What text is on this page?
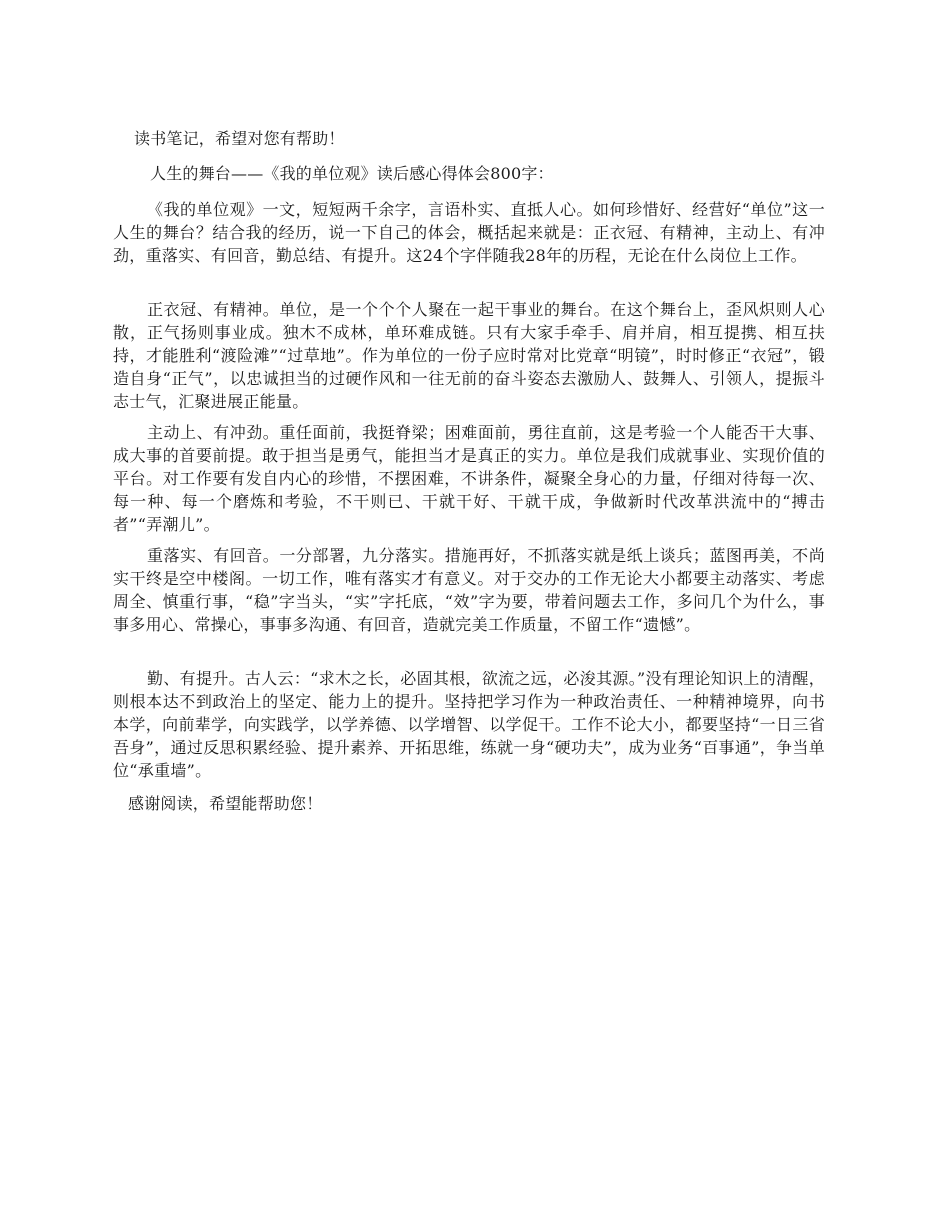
读书笔记，希望对您有帮助！
人生的舞台——《我的单位观》读后感心得体会800字：

《我的单位观》一文，短短两千余字，言语朴实、直抵人心。如何珍惜好、经营好“单位”这一人生的舞台？结合我的经历，说一下自己的体会，概括起来就是：正衣冠、有精神，主动上、有冲劲，重落实、有回音，勤总结、有提升。这24个字伴随我28年的历程，无论在什么岗位上工作。

正衣冠、有精神。单位，是一个个个人聚在一起干事业的舞台。在这个舞台上，歪风炽则人心散，正气扬则事业成。独木不成林，单环难成链。只有大家手牵手、肩并肩，相互提携、相互扶持，才能胜利“渡险滩”“过草地”。作为单位的一份子应时常对比党章“明镜”，时时修正“衣冠”，锻造自身“正气”，以忠诚担当的过硬作风和一往无前的奋斗姿态去激励人、鼓舞人、引领人，提振斗志士气，汇聚进展正能量。

主动上、有冲劲。重任面前，我挺脊梁；困难面前，勇往直前，这是考验一个人能否干大事、成大事的首要前提。敢于担当是勇气，能担当才是真正的实力。单位是我们成就事业、实现价值的平台。对工作要有发自内心的珍惜，不摆困难，不讲条件，凝聚全身心的力量，仔细对待每一次、每一种、每一个磨炼和考验，不干则已、干就干好、干就干成，争做新时代改革洪流中的“搏击者”“弄潮儿”。

重落实、有回音。一分部署，九分落实。措施再好，不抓落实就是纸上谈兵；蓝图再美，不尚实干终是空中楼阁。一切工作，唯有落实才有意义。对于交办的工作无论大小都要主动落实、考虑周全、慎重行事，“稳”字当头，“实”字托底，“效”字为要，带着问题去工作，多问几个为什么，事事多用心、常操心，事事多沟通、有回音，造就完美工作质量，不留工作“遗憾”。

勤、有提升。古人云：“求木之长，必固其根，欲流之远，必浚其源。”没有理论知识上的清醒，则根本达不到政治上的坚定、能力上的提升。坚持把学习作为一种政治责任、一种精神境界，向书本学，向前辈学，向实践学，以学养德、以学增智、以学促干。工作不论大小，都要坚持“一日三省吾身”，通过反思积累经验、提升素养、开拓思维，练就一身“硬功夫”，成为业务“百事通”，争当单位“承重墙”。

感谢阅读，希望能帮助您！
